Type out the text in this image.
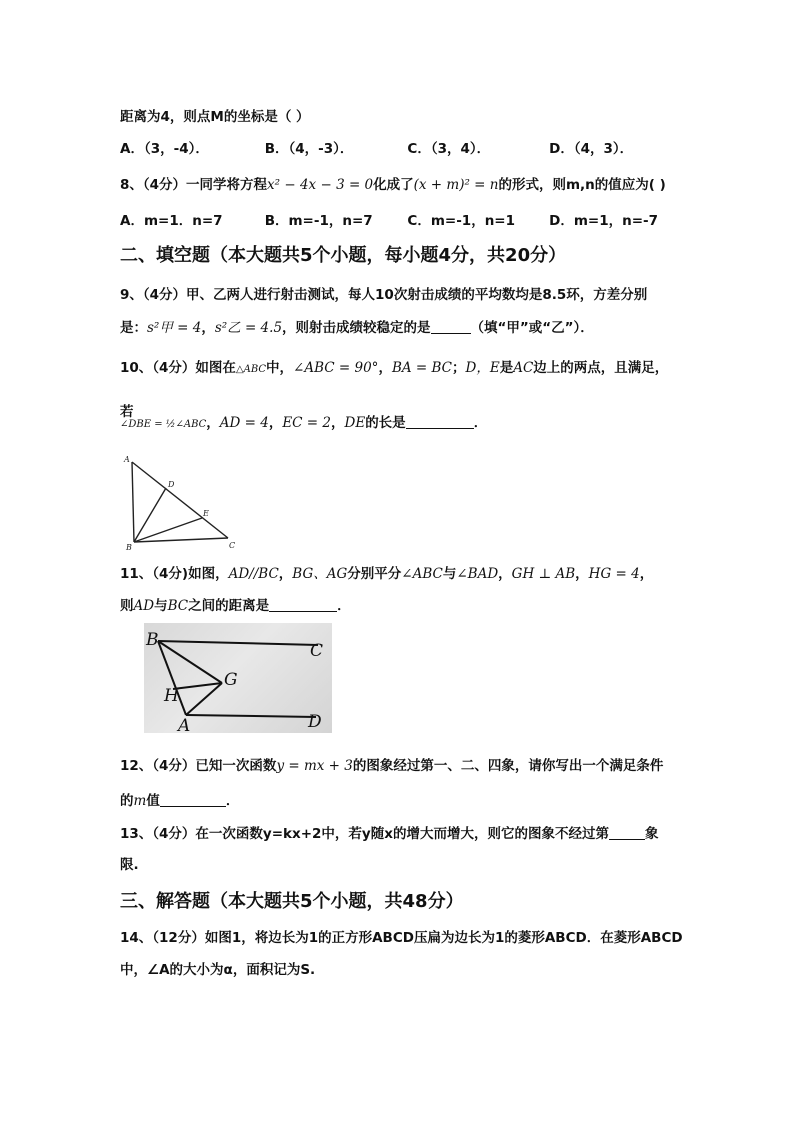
距离为4，则点M的坐标是（ ）
A．（3，-4）．	B．（4，-3）．	C．（3，4）．	D．（4，3）．
8、（4分）一同学将方程x² − 4x − 3 = 0化成了(x + m)² = n的形式，则m,n的值应为( )
A．m=1．n=7	B．m=-1，n=7	C．m=-1，n=1	D．m=1，n=-7
二、填空题（本大题共5个小题，每小题4分，共20分）
9、（4分）甲、乙两人进行射击测试，每人10次射击成绩的平均数均是8.5环，方差分别
是：s²甲 = 4，s²乙 = 4.5，则射击成绩较稳定的是	（填“甲”或“乙”）．
10、（4分）如图在△ABC中，∠ABC = 90°，BA = BC；D，E是AC边上的两点，且满足，
若
∠DBE = ½∠ABC，AD = 4，EC = 2，DE的长是	．
A
B	C
D
E
11、（4分)如图，AD//BC，BG、AG分别平分∠ABC与∠BAD，GH ⊥ AB，HG = 4，
则AD与BC之间的距离是	．
B
C
G
H
A	D
12、（4分）已知一次函数y = mx + 3的图象经过第一、二、四象，请你写出一个满足条件
的m值	．
13、（4分）在一次函数y=kx+2中，若y随x的增大而增大，则它的图象不经过第	象
限.
三、解答题（本大题共5个小题，共48分）
14、（12分）如图1，将边长为1的正方形ABCD压扁为边长为1的菱形ABCD．在菱形ABCD
中，∠A的大小为α，面积记为S.
